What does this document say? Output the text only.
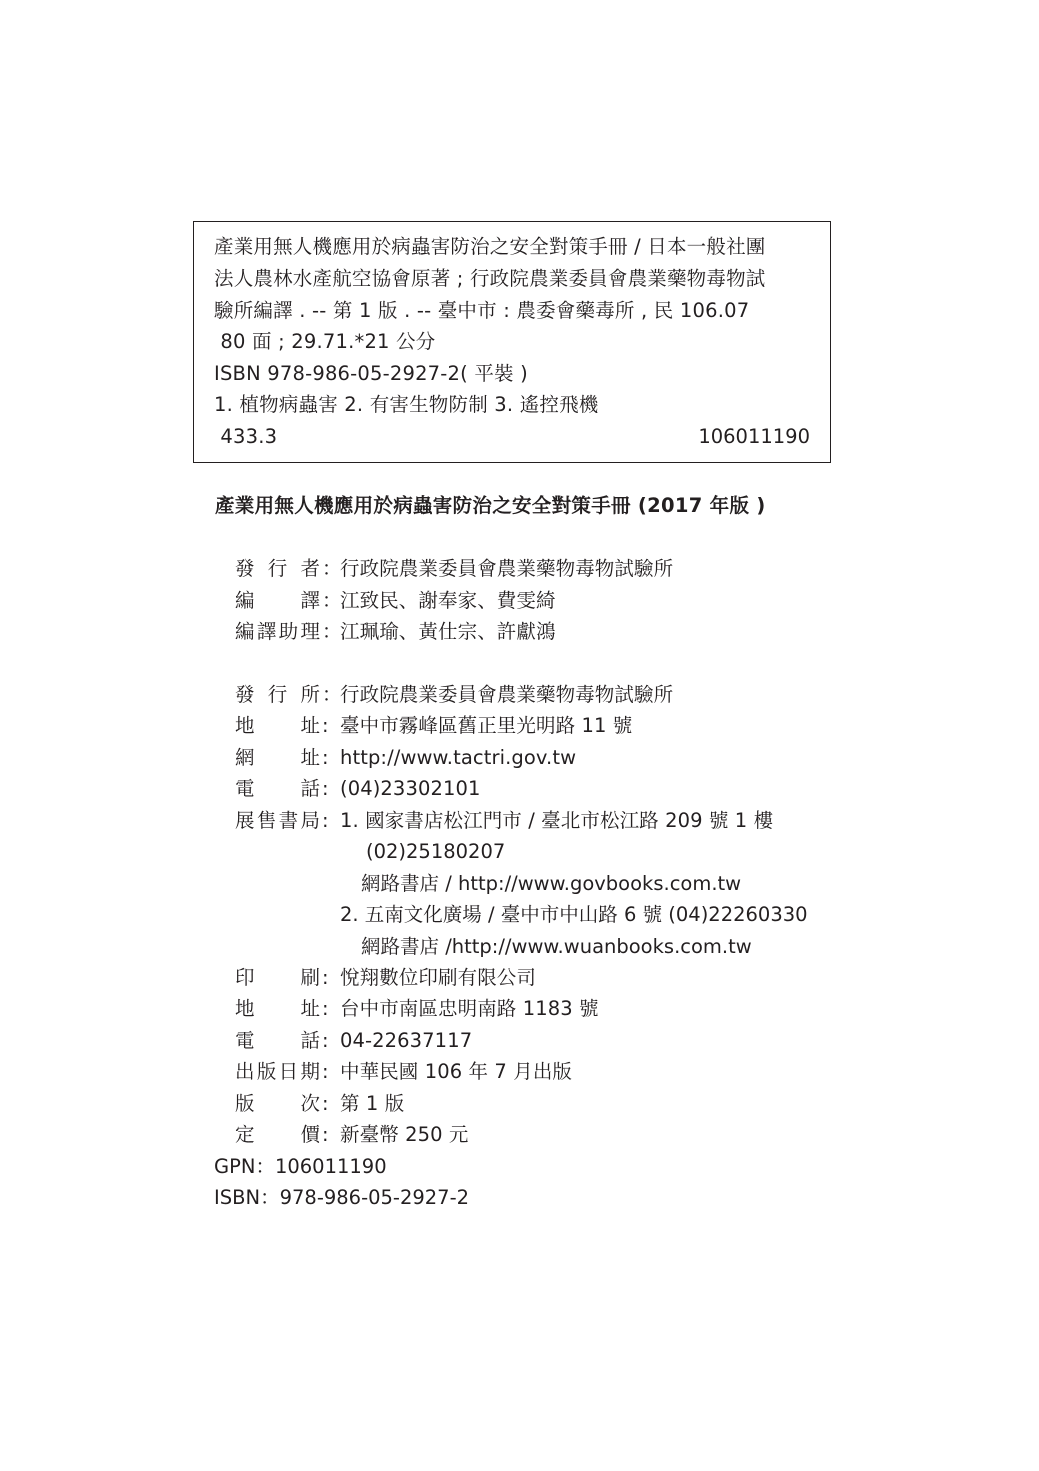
產業用無人機應用於病蟲害防治之安全對策手冊 / 日本一般社團
法人農林水產航空協會原著 ; 行政院農業委員會農業藥物毒物試
驗所編譯 . -- 第 1 版 . -- 臺中市 : 農委會藥毒所 , 民 106.07
80 面 ; 29.71.*21 公分
ISBN 978-986-05-2927-2( 平裝 )
1. 植物病蟲害 2. 有害生物防制 3. 遙控飛機
433.3	106011190
產業用無人機應用於病蟲害防治之安全對策手冊 (2017 年版 )
發 行 者 ：
行政院農業委員會農業藥物毒物試驗所
編 譯 ：
江致民、謝奉家、費雯綺
編 譯 助 理 ：
江珮瑜、黃仕宗、許獻鴻
發 行 所 ：
行政院農業委員會農業藥物毒物試驗所
地 址 : 臺中市霧峰區舊正里光明路 11 號
網 址 : http://www.tactri.gov.tw
電 話 : (04)23302101
展 售 書 局 : 1. 國家書店松江門市 / 臺北市松江路 209 號 1 樓
(02)25180207
網路書店 / http://www.govbooks.com.tw
2. 五南文化廣場 / 臺中市中山路 6 號 (04)22260330
網路書店 /http://www.wuanbooks.com.tw
印 刷 : 悅翔數位印刷有限公司
地 址 : 台中市南區忠明南路 1183 號
電 話 : 04-22637117
出 版 日 期 : 中華民國 106 年 7 月出版
版 次 : 第 1 版
定 價 : 新臺幣 250 元
GPN：106011190
ISBN：978-986-05-2927-2
